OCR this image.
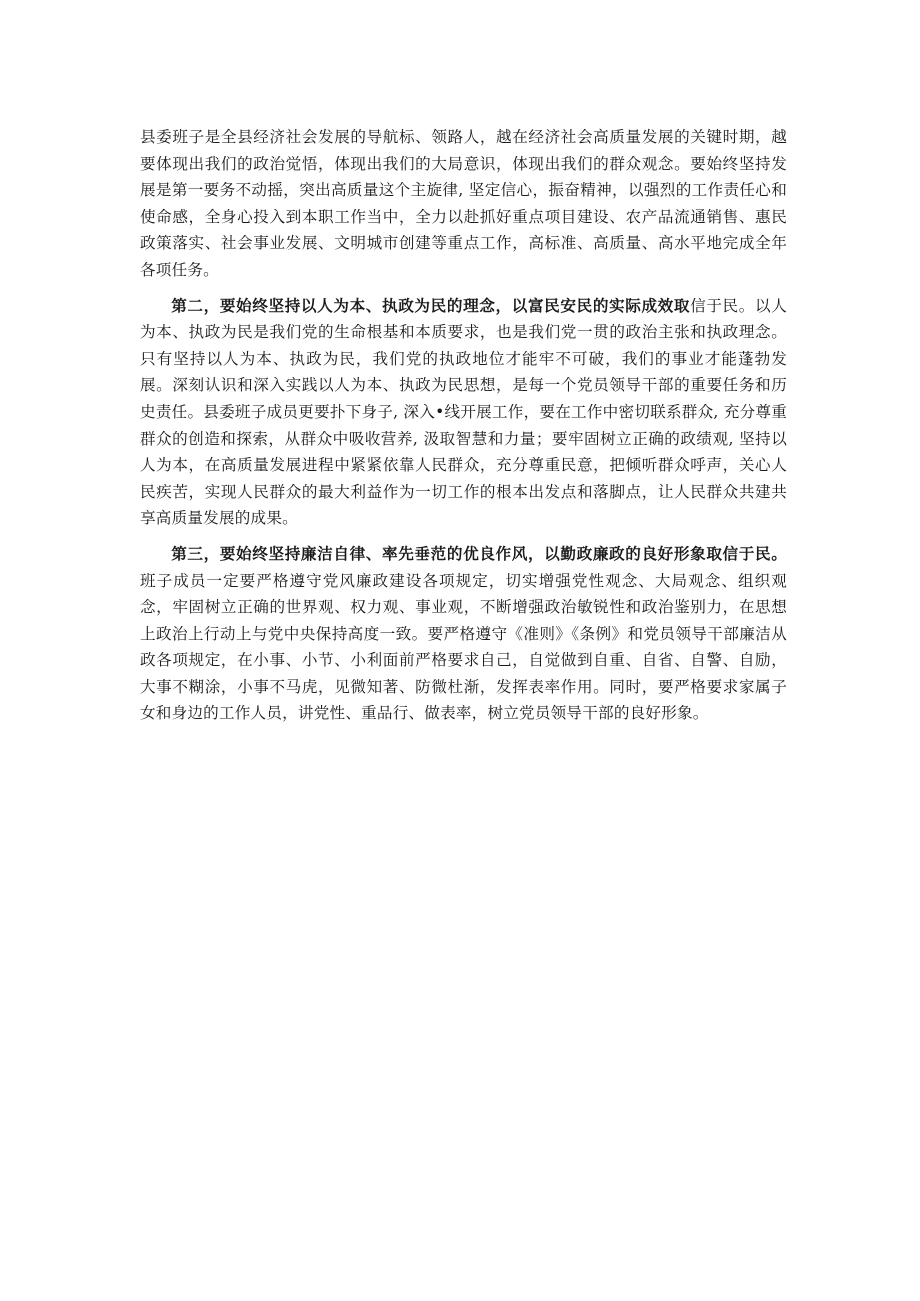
县委班子是全县经济社会发展的导航标、领路人，越在经济社会高质量发展的关键时期，越要体现出我们的政治觉悟，体现出我们的大局意识，体现出我们的群众观念。要始终坚持发展是第一要务不动摇，突出高质量这个主旋律, 坚定信心，振奋精神，以强烈的工作责任心和使命感，全身心投入到本职工作当中，全力以赴抓好重点项目建设、农产品流通销售、惠民政策落实、社会事业发展、文明城市创建等重点工作，高标准、高质量、高水平地完成全年各项任务。

第二，要始终坚持以人为本、执政为民的理念，以富民安民的实际成效取信于民。以人为本、执政为民是我们党的生命根基和本质要求，也是我们党一贯的政治主张和执政理念。只有坚持以人为本、执政为民，我们党的执政地位才能牢不可破，我们的事业才能蓬勃发展。深刻认识和深入实践以人为本、执政为民思想，是每一个党员领导干部的重要任务和历史责任。县委班子成员更要扑下身子, 深入•线开展工作，要在工作中密切联系群众, 充分尊重群众的创造和探索，从群众中吸收营养, 汲取智慧和力量；要牢固树立正确的政绩观, 坚持以人为本，在高质量发展进程中紧紧依靠人民群众，充分尊重民意，把倾听群众呼声，关心人民疾苦，实现人民群众的最大利益作为一切工作的根本出发点和落脚点，让人民群众共建共享高质量发展的成果。

第三，要始终坚持廉洁自律、率先垂范的优良作风，以勤政廉政的良好形象取信于民。班子成员一定要严格遵守党风廉政建设各项规定，切实增强党性观念、大局观念、组织观念，牢固树立正确的世界观、权力观、事业观，不断增强政治敏锐性和政治鉴别力，在思想上政治上行动上与党中央保持高度一致。要严格遵守《准则》《条例》和党员领导干部廉洁从政各项规定，在小事、小节、小利面前严格要求自己，自觉做到自重、自省、自警、自励，大事不糊涂，小事不马虎，见微知著、防微杜渐，发挥表率作用。同时，要严格要求家属子女和身边的工作人员，讲党性、重品行、做表率，树立党员领导干部的良好形象。
